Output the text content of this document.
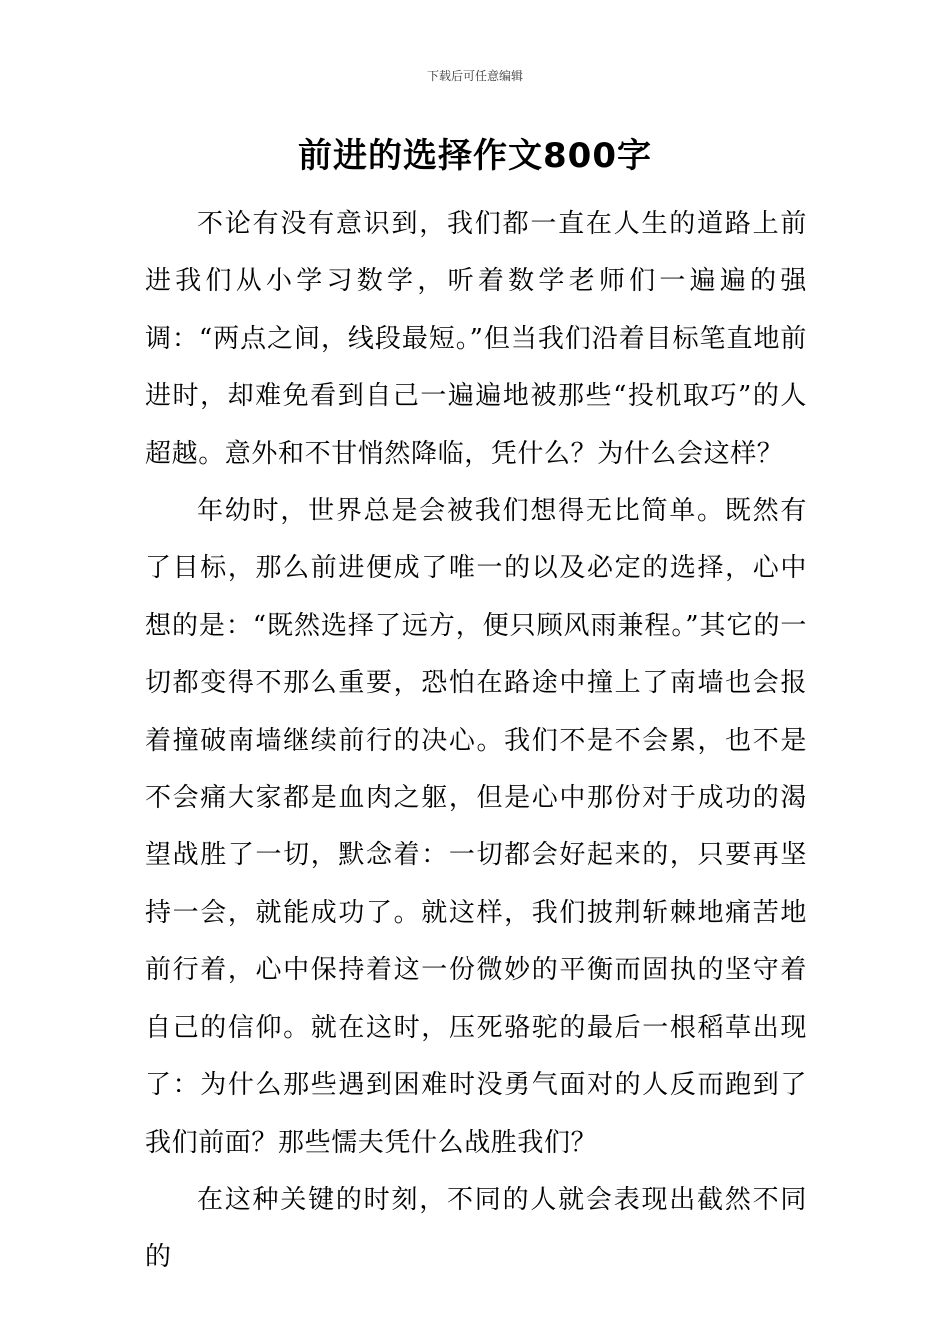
下载后可任意编辑
前进的选择作文800字

不论有没有意识到，我们都一直在人生的道路上前进我们从小学习数学，听着数学老师们一遍遍的强调：“两点之间，线段最短。”但当我们沿着目标笔直地前进时，却难免看到自己一遍遍地被那些“投机取巧”的人超越。意外和不甘悄然降临，凭什么？为什么会这样？

年幼时，世界总是会被我们想得无比简单。既然有了目标，那么前进便成了唯一的以及必定的选择，心中想的是：“既然选择了远方，便只顾风雨兼程。”其它的一切都变得不那么重要，恐怕在路途中撞上了南墙也会报着撞破南墙继续前行的决心。我们不是不会累，也不是不会痛大家都是血肉之躯，但是心中那份对于成功的渴望战胜了一切，默念着：一切都会好起来的，只要再坚持一会，就能成功了。就这样，我们披荆斩棘地痛苦地前行着，心中保持着这一份微妙的平衡而固执的坚守着自己的信仰。就在这时，压死骆驼的最后一根稻草出现了：为什么那些遇到困难时没勇气面对的人反而跑到了我们前面？那些懦夫凭什么战胜我们？

在这种关键的时刻，不同的人就会表现出截然不同的
